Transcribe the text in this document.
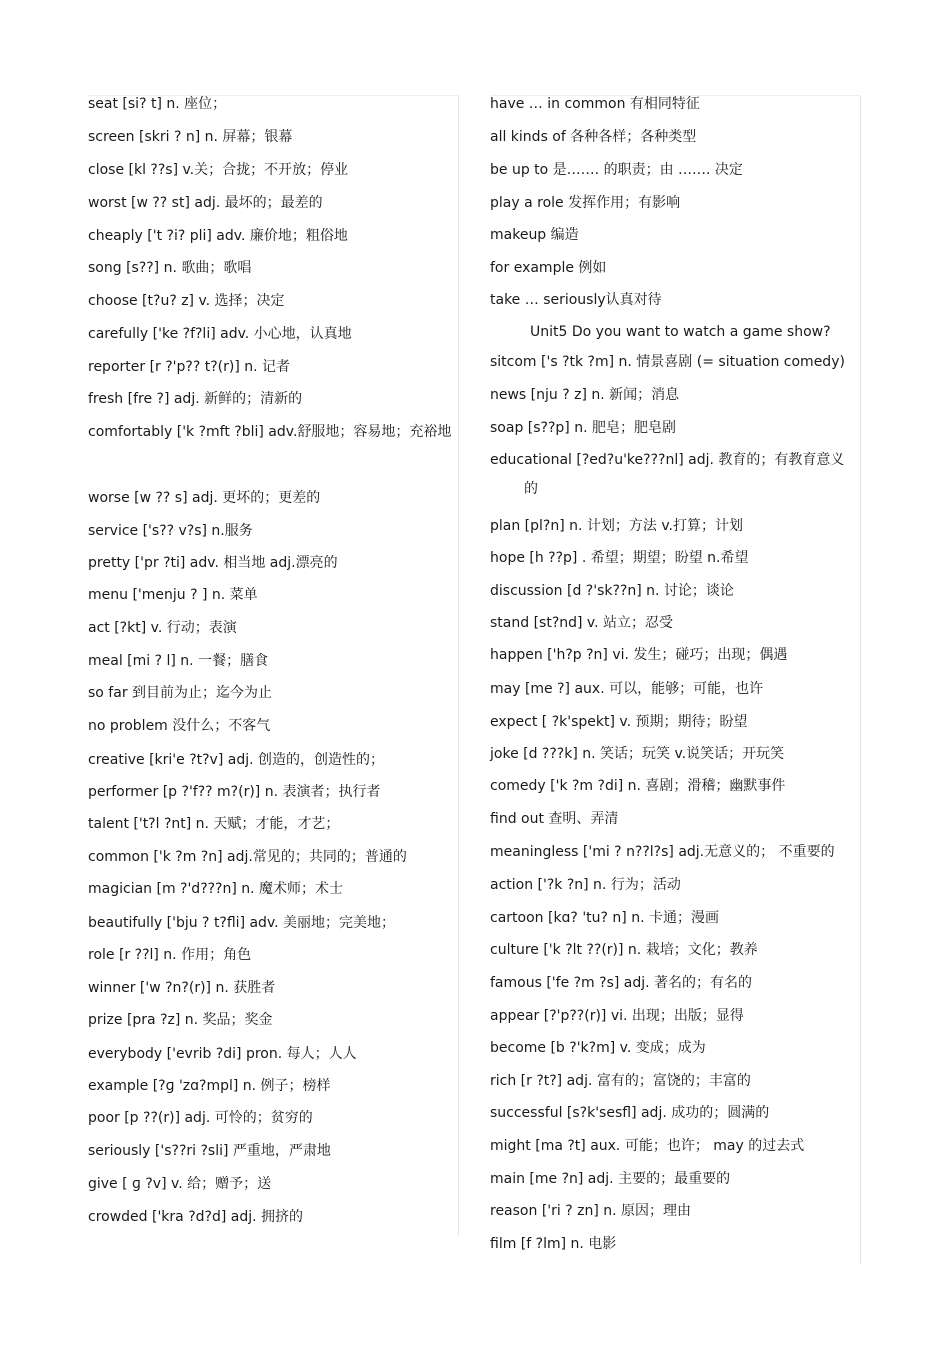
seat [si? t] n. 座位；
screen [skri ? n] n. 屏幕；银幕
close [kl ??s] v.关；合拢；不开放；停业
worst [w ?? st] adj. 最坏的；最差的
cheaply ['t ?i? pli] adv. 廉价地；粗俗地
song [s??] n. 歌曲；歌唱
choose [t?u? z] v. 选择；决定
carefully ['ke ?f?li] adv. 小心地，认真地
reporter [r ?'p?? t?(r)] n. 记者
fresh [fre ?] adj. 新鲜的；清新的
comfortably ['k ?mft ?bli] adv.舒服地；容易地；充裕地
worse [w ?? s] adj. 更坏的；更差的
service ['s?? v?s] n.服务
pretty ['pr ?ti] adv. 相当地 adj.漂亮的
menu ['menju ? ] n. 菜单
act [?kt] v. 行动；表演
meal [mi ? l] n. 一餐；膳食
so far 到目前为止；迄今为止
no problem 没什么；不客气
creative [kri'e ?t?v] adj. 创造的，创造性的；
performer [p ?'f?? m?(r)] n. 表演者；执行者
talent ['t?l ?nt] n. 天赋；才能，才艺；
common ['k ?m ?n] adj.常见的；共同的；普通的
magician [m ?'d???n] n. 魔术师；术士
beautifully ['bju ? t?fli] adv. 美丽地；完美地；
role [r ??l] n. 作用；角色
winner ['w ?n?(r)] n. 获胜者
prize [pra ?z] n. 奖品；奖金
everybody ['evrib ?di] pron. 每人；人人
example [?ɡ 'zɑ?mpl] n. 例子；榜样
poor [p ??(r)] adj. 可怜的；贫穷的
seriously ['s??ri ?sli] 严重地，严肃地
give [ ɡ ?v] v. 给；赠予；送
crowded ['kra ?d?d] adj. 拥挤的
have … in common 有相同特征
all kinds of 各种各样；各种类型
be up to 是……. 的职责；由 ……. 决定
play a role 发挥作用；有影响
makeup 编造
for example 例如
take … seriously认真对待
Unit5 Do you want to watch a game show?
sitcom ['s ?tk ?m] n. 情景喜剧 (= situation comedy)
news [nju ? z] n. 新闻；消息
soap [s??p] n. 肥皂；肥皂剧
educational [?ed?u'ke???nl] adj. 教育的；有教育意义的
plan [pl?n] n. 计划；方法 v.打算；计划
hope [h ??p] . 希望；期望；盼望 n.希望
discussion [d ?'sk??n] n. 讨论；谈论
stand [st?nd] v. 站立；忍受
happen ['h?p ?n] vi. 发生；碰巧；出现；偶遇
may [me ?] aux. 可以，能够；可能，也许
expect [ ?k'spekt] v. 预期；期待；盼望
joke [d ???k] n. 笑话；玩笑 v.说笑话；开玩笑
comedy ['k ?m ?di] n. 喜剧；滑稽；幽默事件
find out 查明、弄清
meaningless ['mi ? n??l?s] adj.无意义的； 不重要的
action ['?k ?n] n. 行为；活动
cartoon [kɑ? 'tu? n] n. 卡通；漫画
culture ['k ?lt ??(r)] n. 栽培；文化；教养
famous ['fe ?m ?s] adj. 著名的；有名的
appear [?'p??(r)] vi. 出现；出版；显得
become [b ?'k?m] v. 变成；成为
rich [r ?t?] adj. 富有的；富饶的；丰富的
successful [s?k'sesfl] adj. 成功的；圆满的
might [ma ?t] aux. 可能；也许； may 的过去式
main [me ?n] adj. 主要的；最重要的
reason ['ri ? zn] n. 原因；理由
film [f ?lm] n. 电影
